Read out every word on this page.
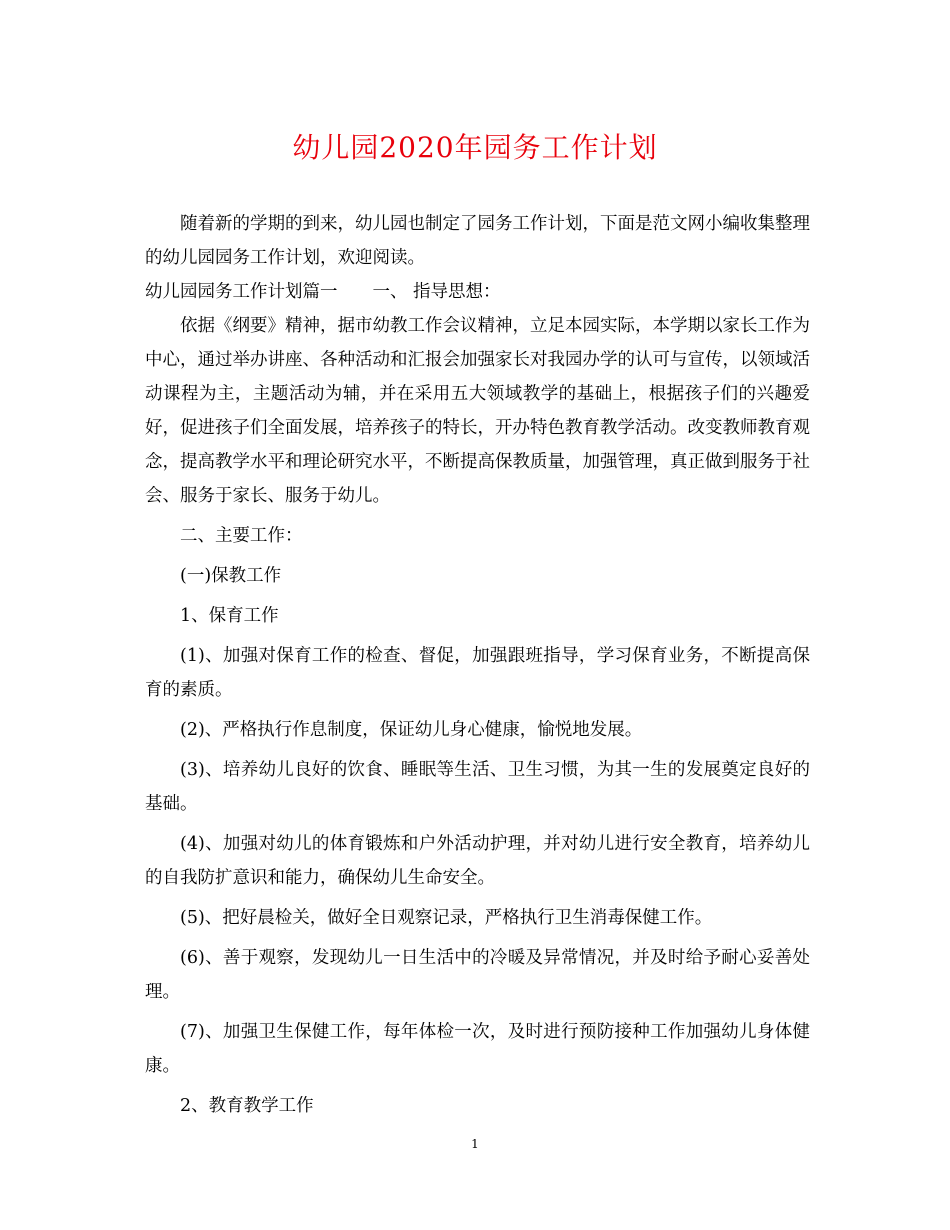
幼儿园2020年园务工作计划

随着新的学期的到来，幼儿园也制定了园务工作计划，下面是范文网小编收集整理的幼儿园园务工作计划，欢迎阅读。

幼儿园园务工作计划篇一　　一、 指导思想：

依据《纲要》精神，据市幼教工作会议精神，立足本园实际，本学期以家长工作为中心，通过举办讲座、各种活动和汇报会加强家长对我园办学的认可与宣传，以领域活动课程为主，主题活动为辅，并在采用五大领域教学的基础上，根据孩子们的兴趣爱好，促进孩子们全面发展，培养孩子的特长，开办特色教育教学活动。改变教师教育观念，提高教学水平和理论研究水平，不断提高保教质量，加强管理，真正做到服务于社会、服务于家长、服务于幼儿。

二、主要工作：

(一)保教工作

1、保育工作

(1)、加强对保育工作的检查、督促，加强跟班指导，学习保育业务，不断提高保育的素质。

(2)、严格执行作息制度，保证幼儿身心健康，愉悦地发展。

(3)、培养幼儿良好的饮食、睡眠等生活、卫生习惯，为其一生的发展奠定良好的基础。

(4)、加强对幼儿的体育锻炼和户外活动护理，并对幼儿进行安全教育，培养幼儿的自我防扩意识和能力，确保幼儿生命安全。

(5)、把好晨检关，做好全日观察记录，严格执行卫生消毒保健工作。

(6)、善于观察，发现幼儿一日生活中的冷暖及异常情况，并及时给予耐心妥善处理。

(7)、加强卫生保健工作，每年体检一次，及时进行预防接种工作加强幼儿身体健康。

2、教育教学工作

1
